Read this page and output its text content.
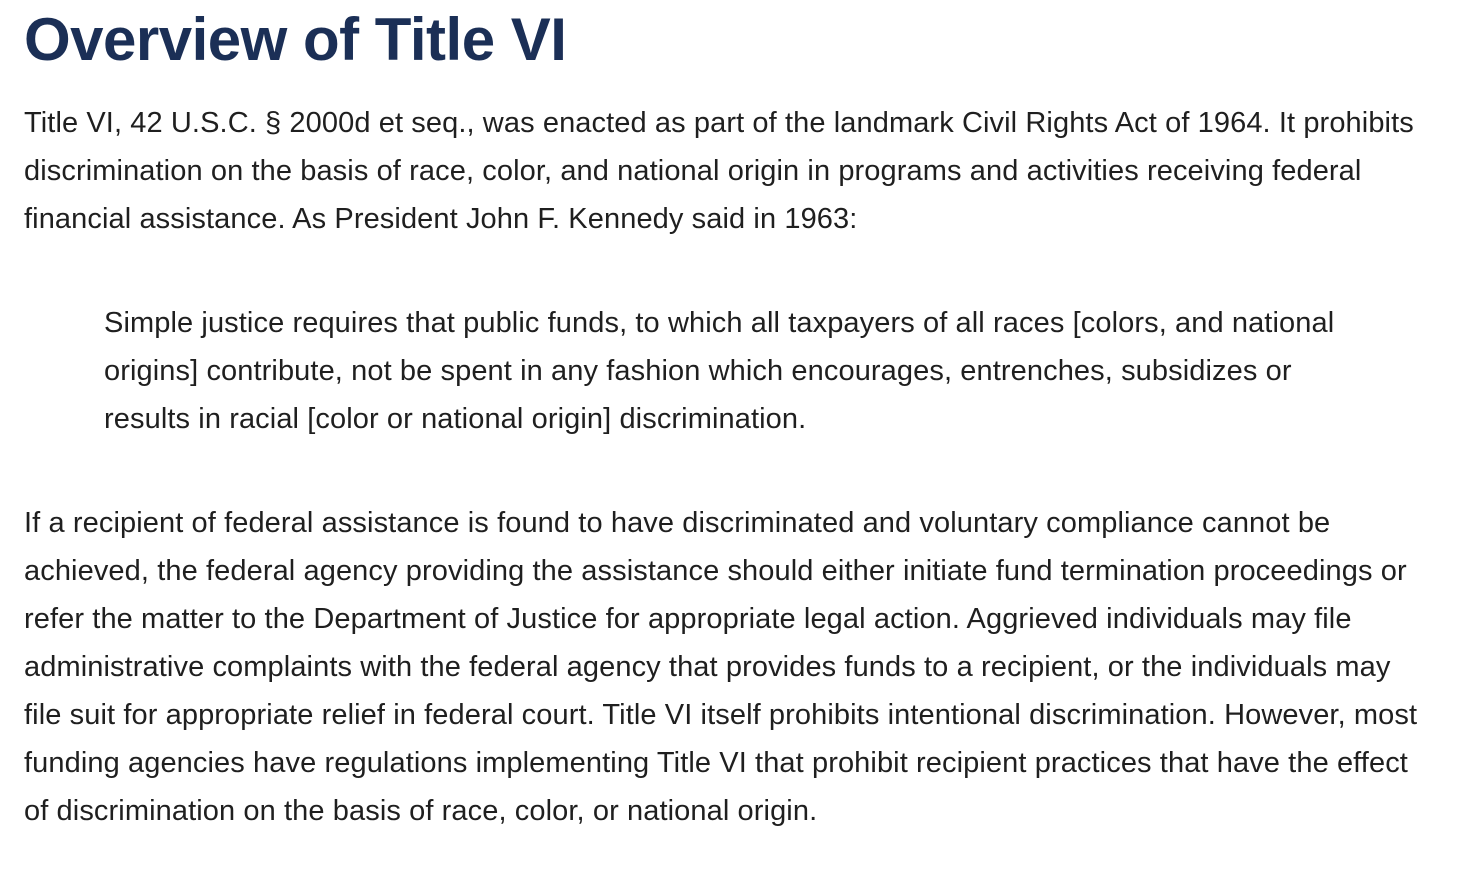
Overview of Title VI

Title VI, 42 U.S.C. § 2000d et seq., was enacted as part of the landmark Civil Rights Act of 1964. It prohibits discrimination on the basis of race, color, and national origin in programs and activities receiving federal financial assistance. As President John F. Kennedy said in 1963:

Simple justice requires that public funds, to which all taxpayers of all races [colors, and national origins] contribute, not be spent in any fashion which encourages, entrenches, subsidizes or results in racial [color or national origin] discrimination.

If a recipient of federal assistance is found to have discriminated and voluntary compliance cannot be achieved, the federal agency providing the assistance should either initiate fund termination proceedings or refer the matter to the Department of Justice for appropriate legal action. Aggrieved individuals may file administrative complaints with the federal agency that provides funds to a recipient, or the individuals may file suit for appropriate relief in federal court. Title VI itself prohibits intentional discrimination. However, most funding agencies have regulations implementing Title VI that prohibit recipient practices that have the effect of discrimination on the basis of race, color, or national origin.
